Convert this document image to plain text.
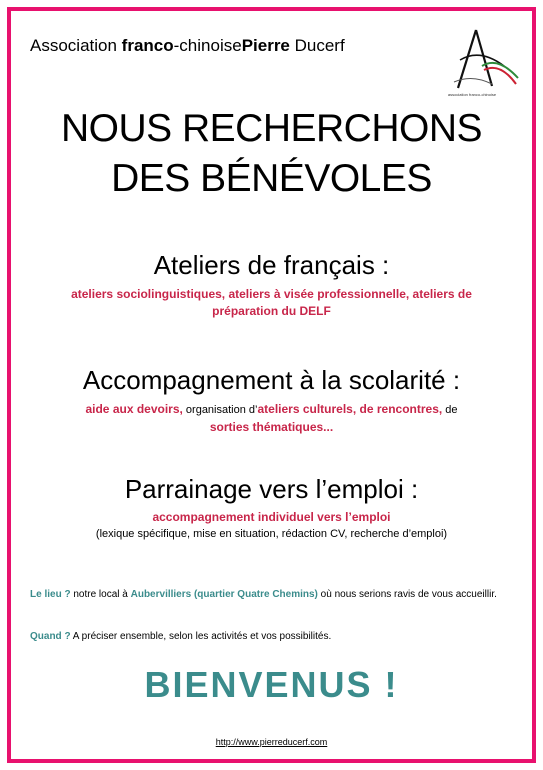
Association franco-chinoisePierre Ducerf
association franco-chinoise
NOUS RECHERCHONS
DES BÉNÉVOLES
Ateliers de français :
ateliers sociolinguistiques, ateliers à visée professionnelle, ateliers de
préparation du DELF
Accompagnement à la scolarité :
aide aux devoirs, organisation d’ateliers culturels, de rencontres, de
sorties thématiques...
Parrainage vers l’emploi :
accompagnement individuel vers l’emploi
(lexique spécifique, mise en situation, rédaction CV, recherche d’emploi)
Le lieu ? notre local à Aubervilliers (quartier Quatre Chemins) où nous serions ravis de vous accueillir.
Quand ? A préciser ensemble, selon les activités et vos possibilités.
BIENVENUS !
http://www.pierreducerf.com
